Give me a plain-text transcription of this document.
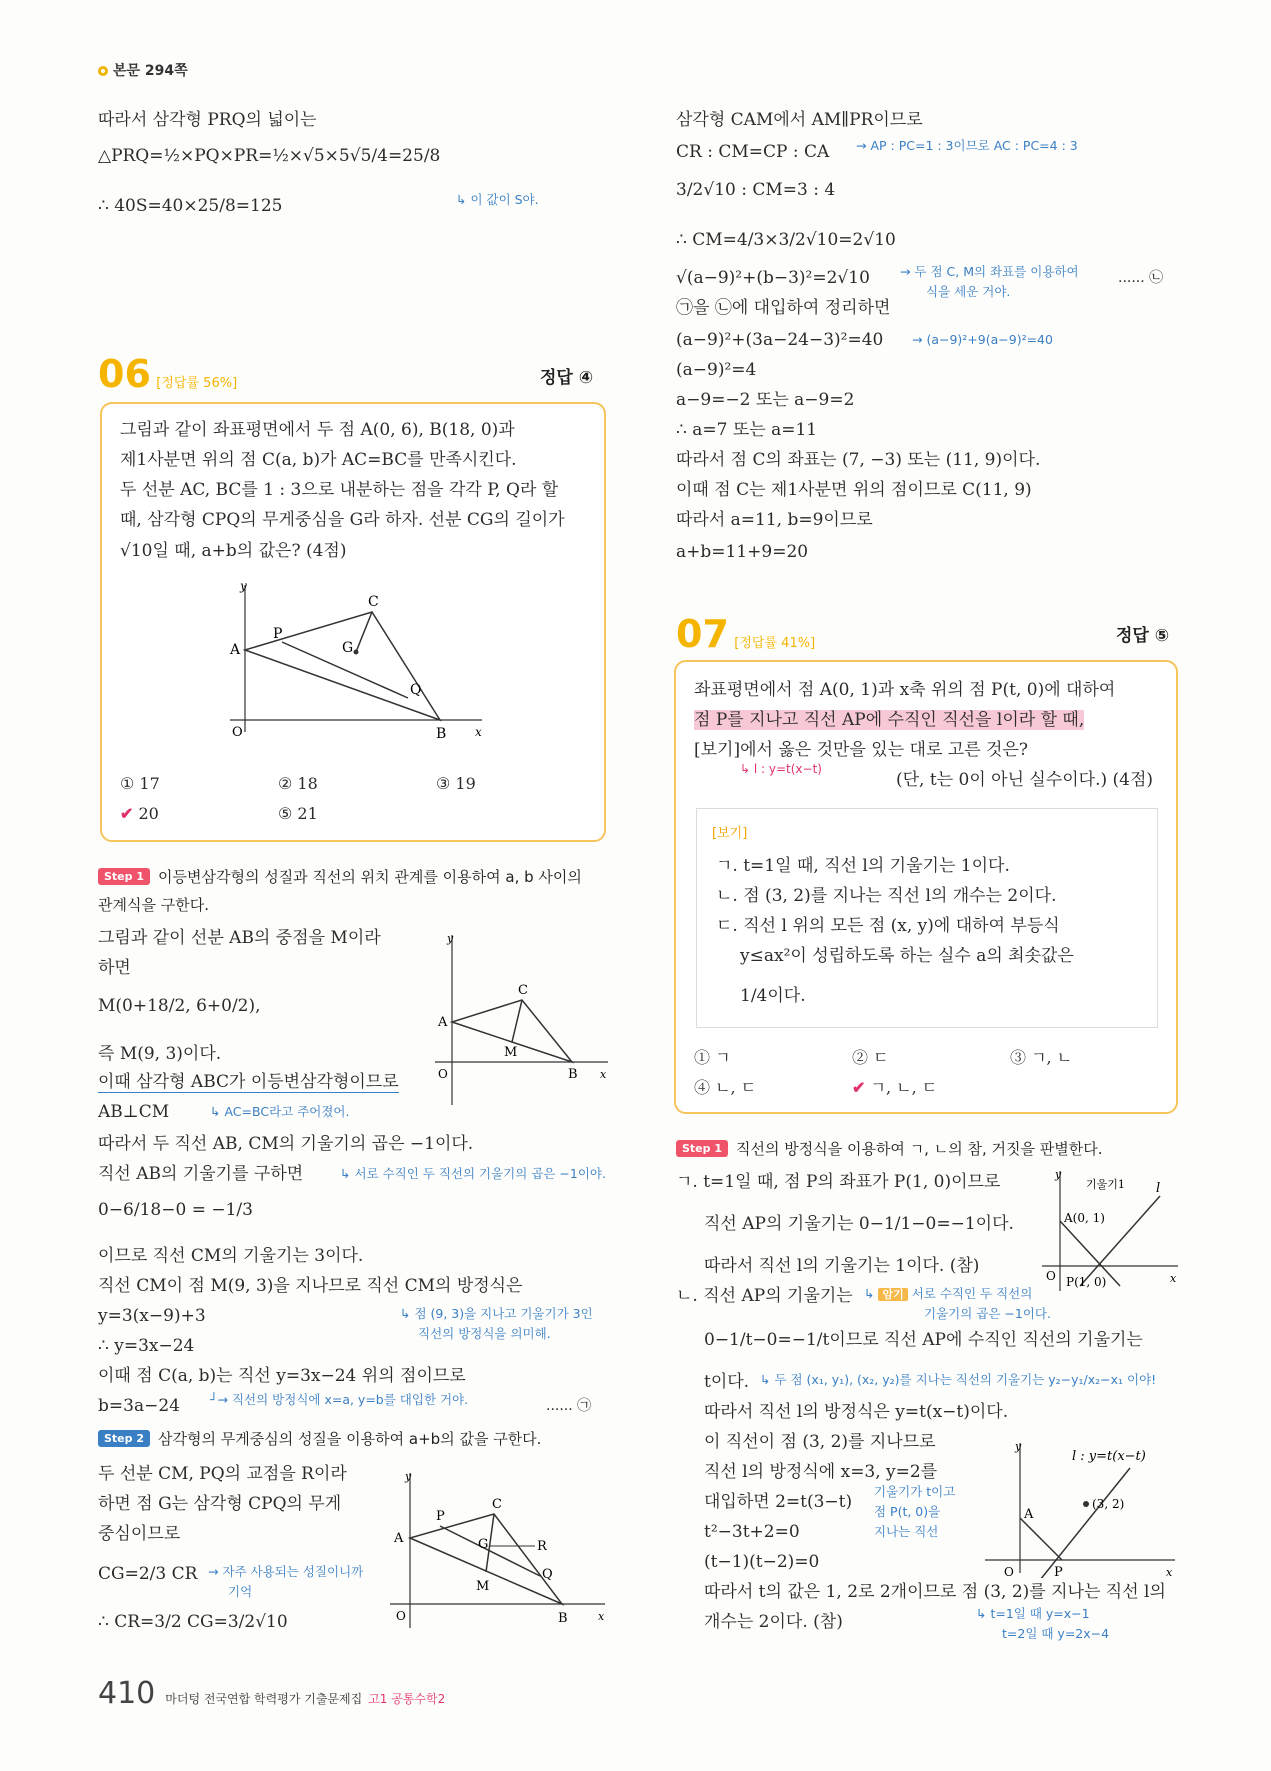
본문 294쪽
따라서 삼각형 PRQ의 넓이는
△PRQ=½×PQ×PR=½×√5×5√5/4=25/8
∴ 40S=40×25/8=125	↳ 이 값이 S야.
06 [정답률 56%]	정답 ④
그림과 같이 좌표평면에서 두 점 A(0, 6), B(18, 0)과
제1사분면 위의 점 C(a, b)가 AC=BC를 만족시킨다.
두 선분 AC, BC를 1 : 3으로 내분하는 점을 각각 P, Q라 할
때, 삼각형 CPQ의 무게중심을 G라 하자. 선분 CG의 길이가
√10일 때, a+b의 값은? (4점)
y
x
O
A
B
C
P
Q
G
① 17	② 18	③ 19
✔ 20	⑤ 21
Step 1 이등변삼각형의 성질과 직선의 위치 관계를 이용하여 a, b 사이의
관계식을 구한다.
그림과 같이 선분 AB의 중점을 M이라
하면
M(0+18/2, 6+0/2),
즉 M(9, 3)이다.
이때 삼각형 ABC가 이등변삼각형이므로
AB⊥CM	↳ AC=BC라고 주어졌어.
따라서 두 직선 AB, CM의 기울기의 곱은 −1이다.
직선 AB의 기울기를 구하면	↳ 서로 수직인 두 직선의 기울기의 곱은 −1이야.
0−6/18−0 = −1/3
이므로 직선 CM의 기울기는 3이다.
직선 CM이 점 M(9, 3)을 지나므로 직선 CM의 방정식은
y=3(x−9)+3	↳ 점 (9, 3)을 지나고 기울기가 3인
직선의 방정식을 의미해.
∴ y=3x−24
이때 점 C(a, b)는 직선 y=3x−24 위의 점이므로
b=3a−24 ┘→ 직선의 방정식에 x=a, y=b를 대입한 거야.	...... ㉠
y
x
O
A
B
C
M
Step 2 삼각형의 무게중심의 성질을 이용하여 a+b의 값을 구한다.
두 선분 CM, PQ의 교점을 R이라
하면 점 G는 삼각형 CPQ의 무게
중심이므로
CG=2/3 CR → 자주 사용되는 성질이니까
기억
∴ CR=3/2 CG=3/2√10
y
x
O
A
B
C
P
Q
G	R
M
삼각형 CAM에서 AM∥PR이므로
CR : CM=CP : CA → AP : PC=1 : 3이므로 AC : PC=4 : 3
3/2√10 : CM=3 : 4
∴ CM=4/3×3/2√10=2√10
√(a−9)²+(b−3)²=2√10 → 두 점 C, M의 좌표를 이용하여
식을 세운 거야.
...... ㉡
㉠을 ㉡에 대입하여 정리하면
(a−9)²+(3a−24−3)²=40 → (a−9)²+9(a−9)²=40
(a−9)²=4
a−9=−2 또는 a−9=2
∴ a=7 또는 a=11
따라서 점 C의 좌표는 (7, −3) 또는 (11, 9)이다.
이때 점 C는 제1사분면 위의 점이므로 C(11, 9)
따라서 a=11, b=9이므로
a+b=11+9=20
07 [정답률 41%]	정답 ⑤
좌표평면에서 점 A(0, 1)과 x축 위의 점 P(t, 0)에 대하여
점 P를 지나고 직선 AP에 수직인 직선을 l이라 할 때,
[보기]에서 옳은 것만을 있는 대로 고른 것은?
↳ l : y=t(x−t)
(단, t는 0이 아닌 실수이다.) (4점)
[보기]
ㄱ. t=1일 때, 직선 l의 기울기는 1이다.
ㄴ. 점 (3, 2)를 지나는 직선 l의 개수는 2이다.
ㄷ. 직선 l 위의 모든 점 (x, y)에 대하여 부등식
y≤ax²이 성립하도록 하는 실수 a의 최솟값은
1/4이다.
① ㄱ	② ㄷ	③ ㄱ, ㄴ
④ ㄴ, ㄷ	✔ ㄱ, ㄴ, ㄷ
Step 1 직선의 방정식을 이용하여 ㄱ, ㄴ의 참, 거짓을 판별한다.
ㄱ. t=1일 때, 점 P의 좌표가 P(1, 0)이므로
직선 AP의 기울기는 0−1/1−0=−1이다.
따라서 직선 l의 기울기는 1이다. (참)
ㄴ. 직선 AP의 기울기는 ↳ 암기 서로 수직인 두 직선의
기울기의 곱은 −1이다.
0−1/t−0=−1/t이므로 직선 AP에 수직인 직선의 기울기는
t이다. ↳ 두 점 (x₁, y₁), (x₂, y₂)를 지나는 직선의 기울기는 y₂−y₁/x₂−x₁ 이야!
따라서 직선 l의 방정식은 y=t(x−t)이다.
이 직선이 점 (3, 2)를 지나므로
직선 l의 방정식에 x=3, y=2를
대입하면 2=t(3−t)
기울기가 t이고
점 P(t, 0)을
지나는 직선
t²−3t+2=0
(t−1)(t−2)=0
따라서 t의 값은 1, 2로 2개이므로 점 (3, 2)를 지나는 직선 l의
개수는 2이다. (참)	↳ t=1일 때 y=x−1
t=2일 때 y=2x−4
y
x
O
A(0, 1)
P(1, 0)
기울기1 l
y
x
O
A
P
(3, 2)
l : y=t(x−t)
410 마더텅 전국연합 학력평가 기출문제집 고1 공통수학2
